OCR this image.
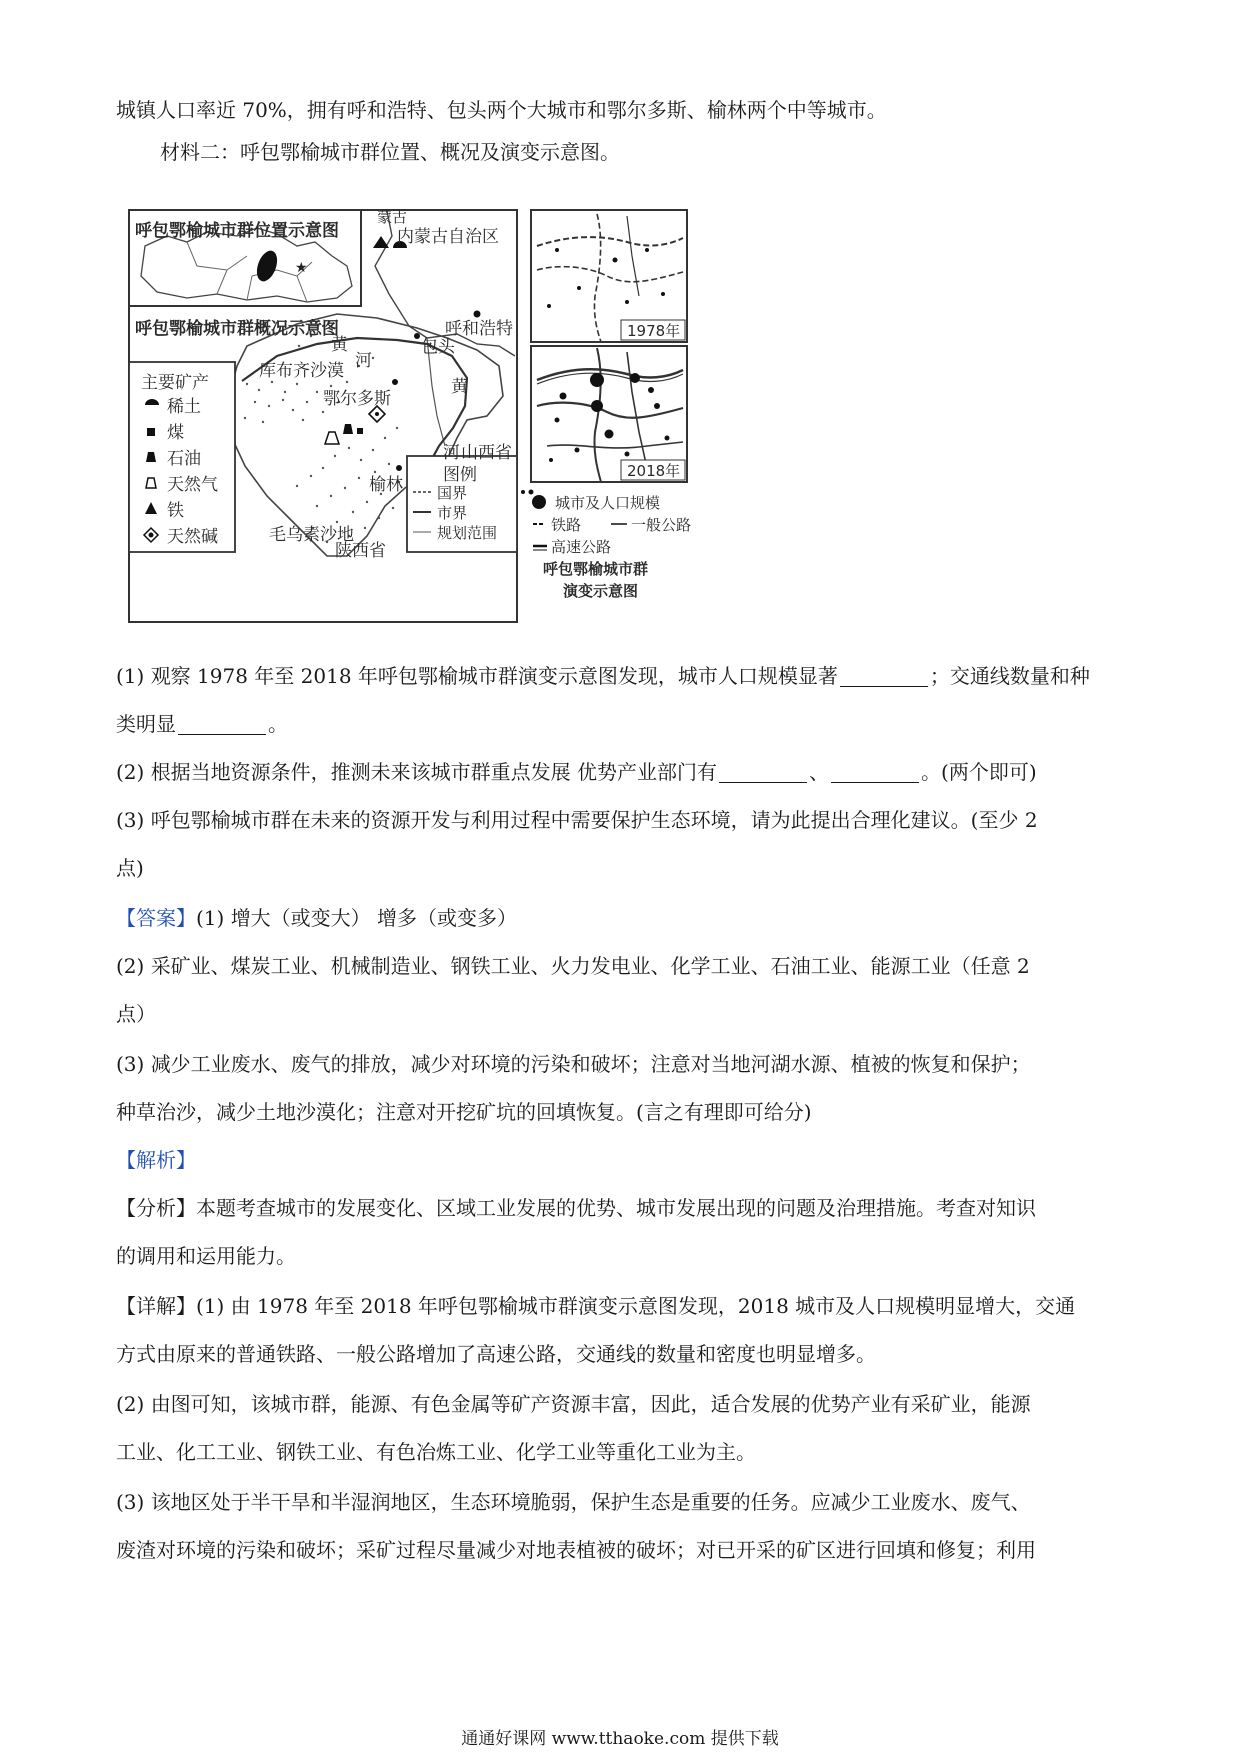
城镇人口率近 70%，拥有呼和浩特、包头两个大城市和鄂尔多斯、榆林两个中等城市。
材料二：呼包鄂榆城市群位置、概况及演变示意图。
★
呼包鄂榆城市群位置示意图
呼包鄂榆城市群概况示意图
蒙古
内蒙古自治区
呼和浩特
包头
黄
河
库布齐沙漠
鄂尔多斯
黄
河 山西省
榆林
毛乌素沙地
陕西省
主要矿产
稀土
煤
石油
天然气
铁
天然碱
图例
国界
市界
规划范围
1978年
2018年
城市及人口规模
铁路	一般公路
高速公路
呼包鄂榆城市群
演变示意图
(1) 观察 1978 年至 2018 年呼包鄂榆城市群演变示意图发现，城市人口规模显著	；交通线数量和种
类明显	。
(2) 根据当地资源条件，推测未来该城市群重点发展 优势产业部门有	、	。(两个即可)
(3) 呼包鄂榆城市群在未来的资源开发与利用过程中需要保护生态环境，请为此提出合理化建议。(至少 2
点)
【答案】(1) 增大（或变大） 增多（或变多）
(2) 采矿业、煤炭工业、机械制造业、钢铁工业、火力发电业、化学工业、石油工业、能源工业（任意 2
点）
(3) 减少工业废水、废气的排放，减少对环境的污染和破坏；注意对当地河湖水源、植被的恢复和保护；
种草治沙，减少土地沙漠化；注意对开挖矿坑的回填恢复。(言之有理即可给分)
【解析】
【分析】本题考查城市的发展变化、区域工业发展的优势、城市发展出现的问题及治理措施。考查对知识
的调用和运用能力。
【详解】(1) 由 1978 年至 2018 年呼包鄂榆城市群演变示意图发现，2018 城市及人口规模明显增大，交通
方式由原来的普通铁路、一般公路增加了高速公路，交通线的数量和密度也明显增多。
(2) 由图可知，该城市群，能源、有色金属等矿产资源丰富，因此，适合发展的优势产业有采矿业，能源
工业、化工工业、钢铁工业、有色冶炼工业、化学工业等重化工业为主。
(3) 该地区处于半干旱和半湿润地区，生态环境脆弱，保护生态是重要的任务。应减少工业废水、废气、
废渣对环境的污染和破坏；采矿过程尽量减少对地表植被的破坏；对已开采的矿区进行回填和修复；利用
通通好课网 www.tthaoke.com 提供下载
